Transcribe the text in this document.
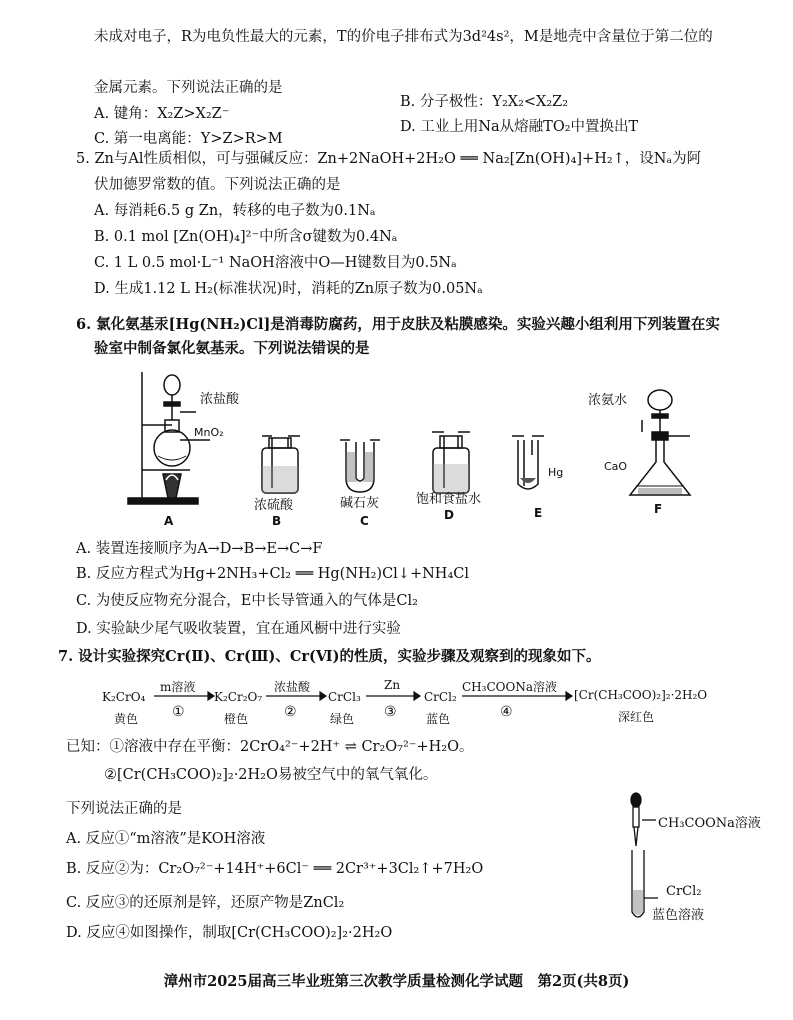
未成对电子，R为电负性最大的元素，T的价电子排布式为3d²4s²，M是地壳中含量位于第二位的
金属元素。下列说法正确的是
A. 键角：X₂Z>X₂Z⁻
B. 分子极性：Y₂X₂<X₂Z₂
C. 第一电离能：Y>Z>R>M
D. 工业上用Na从熔融TO₂中置换出T
5. Zn与Al性质相似，可与强碱反应：Zn+2NaOH+2H₂O ══ Na₂[Zn(OH)₄]+H₂↑，设Nₐ为阿
伏加德罗常数的值。下列说法正确的是
A. 每消耗6.5 g Zn，转移的电子数为0.1Nₐ
B. 0.1 mol [Zn(OH)₄]²⁻中所含σ键数为0.4Nₐ
C. 1 L 0.5 mol·L⁻¹ NaOH溶液中O—H键数目为0.5Nₐ
D. 生成1.12 L H₂(标准状况)时，消耗的Zn原子数为0.05Nₐ
6. 氯化氨基汞[Hg(NH₂)Cl]是消毒防腐药，用于皮肤及粘膜感染。实验兴趣小组利用下列装置在实
验室中制备氯化氨基汞。下列说法错误的是
浓盐酸
MnO₂
浓硫酸	碱石灰	饱和食盐水
Hg
浓氨水
CaO
A	B	C	D	E	F
A. 装置连接顺序为A→D→B→E→C→F
B. 反应方程式为Hg+2NH₃+Cl₂ ══ Hg(NH₂)Cl↓+NH₄Cl
C. 为使反应物充分混合，E中长导管通入的气体是Cl₂
D. 实验缺少尾气吸收装置，宜在通风橱中进行实验
7. 设计实验探究Cr(Ⅱ)、Cr(Ⅲ)、Cr(Ⅵ)的性质，实验步骤及观察到的现象如下。
K₂CrO₄
黄色
m溶液
①
K₂Cr₂O₇
橙色
浓盐酸
②
CrCl₃
绿色
Zn
③
CrCl₂
蓝色
CH₃COONa溶液
④
[Cr(CH₃COO)₂]₂·2H₂O
深红色
已知：①溶液中存在平衡：2CrO₄²⁻+2H⁺ ⇌ Cr₂O₇²⁻+H₂O。
②[Cr(CH₃COO)₂]₂·2H₂O易被空气中的氧气氧化。
下列说法正确的是
A. 反应①“m溶液”是KOH溶液
B. 反应②为：Cr₂O₇²⁻+14H⁺+6Cl⁻ ══ 2Cr³⁺+3Cl₂↑+7H₂O
C. 反应③的还原剂是锌，还原产物是ZnCl₂
D. 反应④如图操作，制取[Cr(CH₃COO)₂]₂·2H₂O
CH₃COONa溶液
CrCl₂
蓝色溶液
漳州市2025届高三毕业班第三次教学质量检测化学试题　第2页(共8页)
